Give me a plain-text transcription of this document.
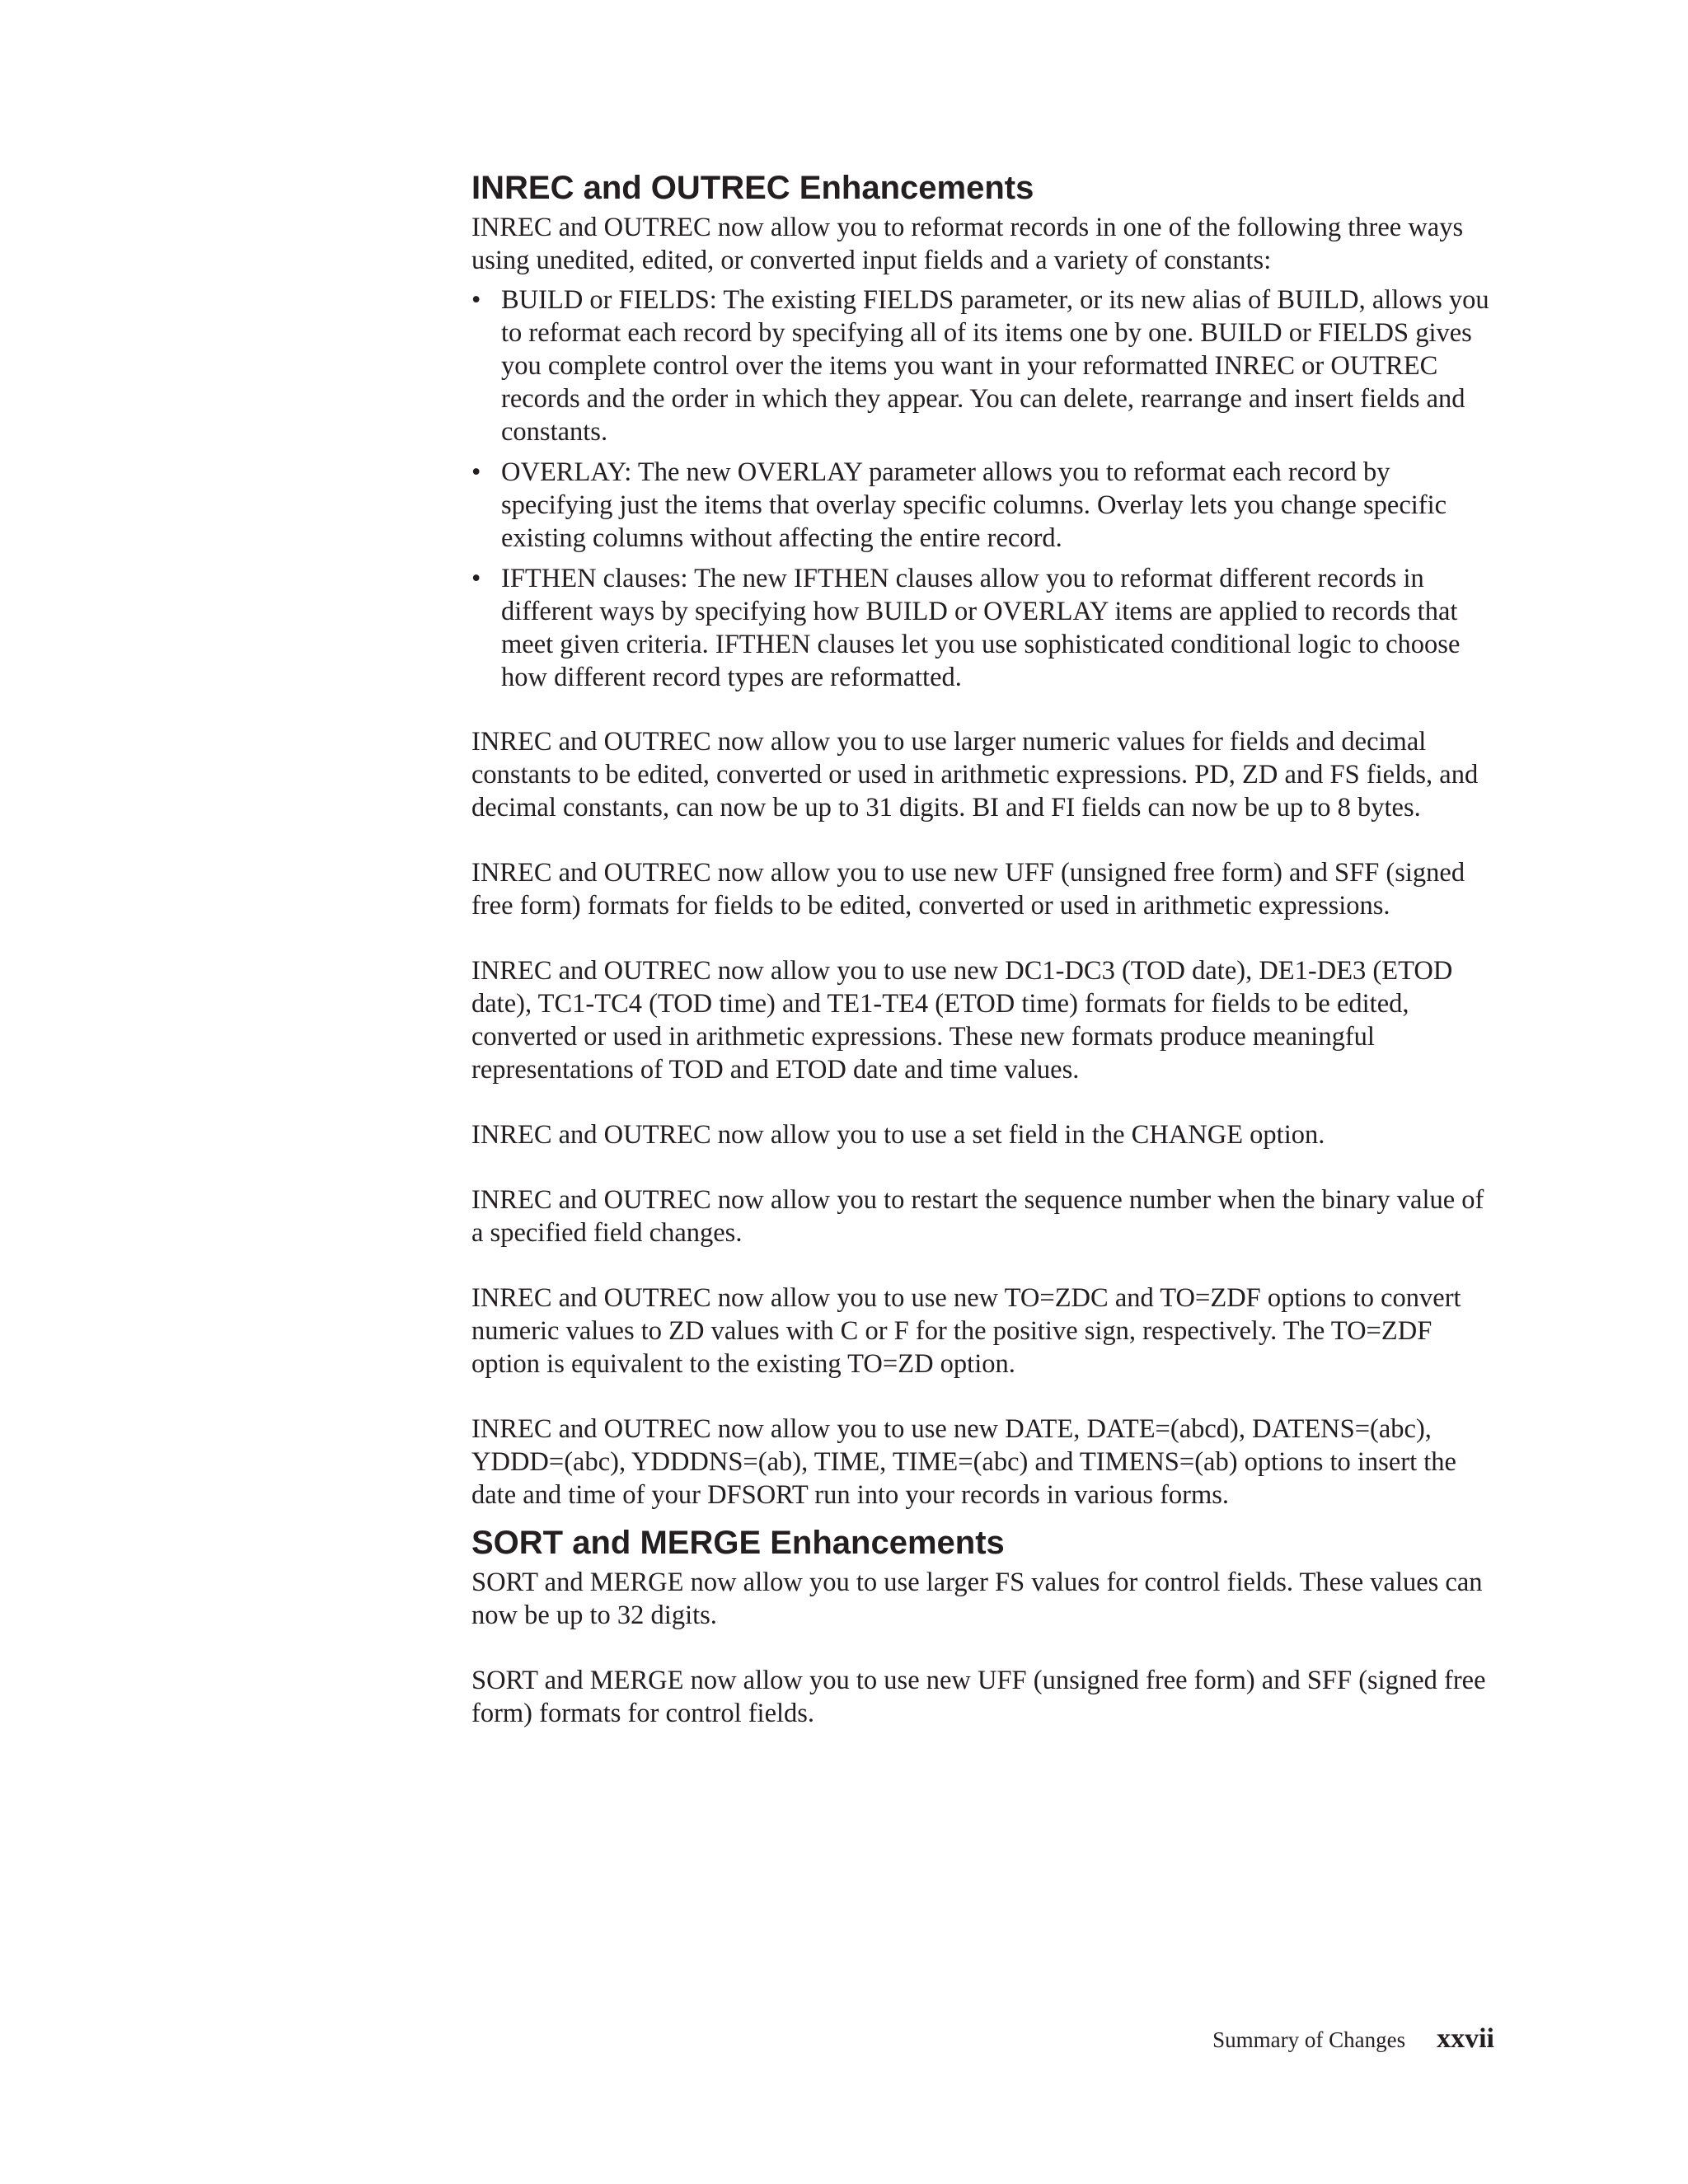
INREC and OUTREC Enhancements

INREC and OUTREC now allow you to reformat records in one of the following three ways using unedited, edited, or converted input fields and a variety of constants:

• BUILD or FIELDS: The existing FIELDS parameter, or its new alias of BUILD, allows you to reformat each record by specifying all of its items one by one. BUILD or FIELDS gives you complete control over the items you want in your reformatted INREC or OUTREC records and the order in which they appear. You can delete, rearrange and insert fields and constants.
• OVERLAY: The new OVERLAY parameter allows you to reformat each record by specifying just the items that overlay specific columns. Overlay lets you change specific existing columns without affecting the entire record.
• IFTHEN clauses: The new IFTHEN clauses allow you to reformat different records in different ways by specifying how BUILD or OVERLAY items are applied to records that meet given criteria. IFTHEN clauses let you use sophisticated conditional logic to choose how different record types are reformatted.

INREC and OUTREC now allow you to use larger numeric values for fields and decimal constants to be edited, converted or used in arithmetic expressions. PD, ZD and FS fields, and decimal constants, can now be up to 31 digits. BI and FI fields can now be up to 8 bytes.

INREC and OUTREC now allow you to use new UFF (unsigned free form) and SFF (signed free form) formats for fields to be edited, converted or used in arithmetic expressions.

INREC and OUTREC now allow you to use new DC1-DC3 (TOD date), DE1-DE3 (ETOD date), TC1-TC4 (TOD time) and TE1-TE4 (ETOD time) formats for fields to be edited, converted or used in arithmetic expressions. These new formats produce meaningful representations of TOD and ETOD date and time values.

INREC and OUTREC now allow you to use a set field in the CHANGE option.

INREC and OUTREC now allow you to restart the sequence number when the binary value of a specified field changes.

INREC and OUTREC now allow you to use new TO=ZDC and TO=ZDF options to convert numeric values to ZD values with C or F for the positive sign, respectively. The TO=ZDF option is equivalent to the existing TO=ZD option.

INREC and OUTREC now allow you to use new DATE, DATE=(abcd), DATENS=(abc), YDDD=(abc), YDDDNS=(ab), TIME, TIME=(abc) and TIMENS=(ab) options to insert the date and time of your DFSORT run into your records in various forms.

SORT and MERGE Enhancements

SORT and MERGE now allow you to use larger FS values for control fields. These values can now be up to 32 digits.

SORT and MERGE now allow you to use new UFF (unsigned free form) and SFF (signed free form) formats for control fields.

Summary of Changes xxvii
